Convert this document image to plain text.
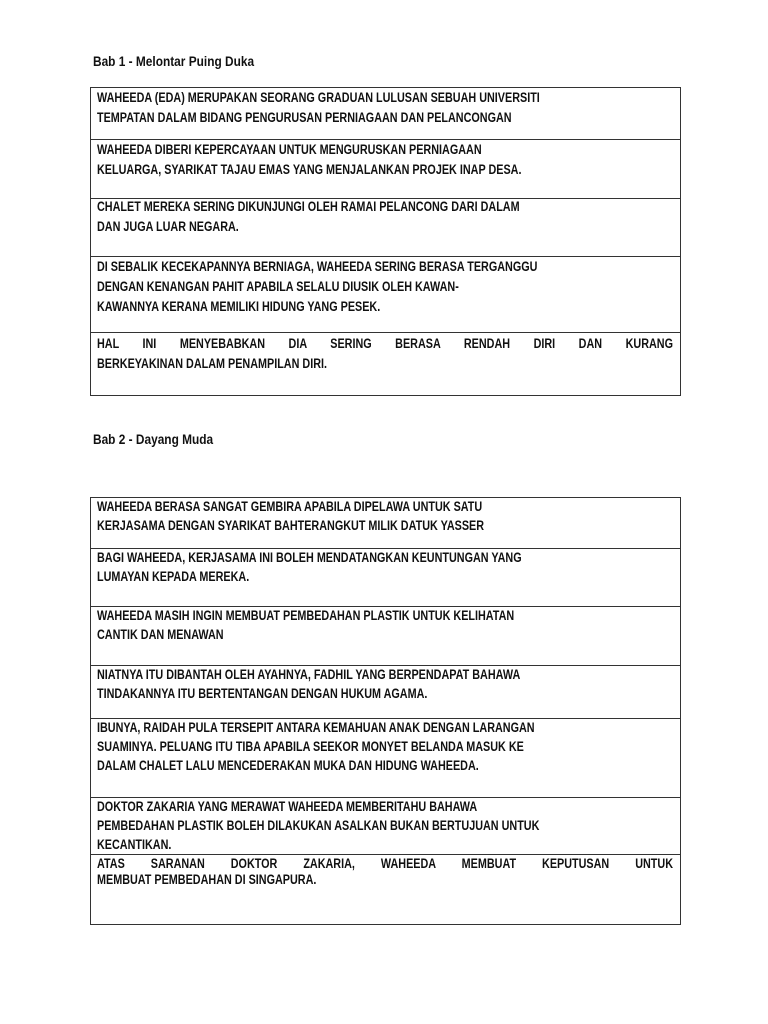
Bab 1 - Melontar Puing Duka
WAHEEDA (EDA) MERUPAKAN SEORANG GRADUAN LULUSAN SEBUAH UNIVERSITI
TEMPATAN DALAM BIDANG PENGURUSAN PERNIAGAAN DAN PELANCONGAN
WAHEEDA DIBERI KEPERCAYAAN UNTUK MENGURUSKAN PERNIAGAAN
KELUARGA, SYARIKAT TAJAU EMAS YANG MENJALANKAN PROJEK INAP DESA.
CHALET MEREKA SERING DIKUNJUNGI OLEH RAMAI PELANCONG DARI DALAM
DAN JUGA LUAR NEGARA.
DI SEBALIK KECEKAPANNYA BERNIAGA, WAHEEDA SERING BERASA TERGANGGU
DENGAN KENANGAN PAHIT APABILA SELALU DIUSIK OLEH KAWAN-
KAWANNYA KERANA MEMILIKI HIDUNG YANG PESEK.
HAL INI MENYEBABKAN DIA SERING BERASA RENDAH DIRI DAN KURANG
BERKEYAKINAN DALAM PENAMPILAN DIRI.
Bab 2 - Dayang Muda
WAHEEDA BERASA SANGAT GEMBIRA APABILA DIPELAWA UNTUK SATU
KERJASAMA DENGAN SYARIKAT BAHTERANGKUT MILIK DATUK YASSER
BAGI WAHEEDA, KERJASAMA INI BOLEH MENDATANGKAN KEUNTUNGAN YANG
LUMAYAN KEPADA MEREKA.
WAHEEDA MASIH INGIN MEMBUAT PEMBEDAHAN PLASTIK UNTUK KELIHATAN
CANTIK DAN MENAWAN
NIATNYA ITU DIBANTAH OLEH AYAHNYA, FADHIL YANG BERPENDAPAT BAHAWA
TINDAKANNYA ITU BERTENTANGAN DENGAN HUKUM AGAMA.
IBUNYA, RAIDAH PULA TERSEPIT ANTARA KEMAHUAN ANAK DENGAN LARANGAN
SUAMINYA. PELUANG ITU TIBA APABILA SEEKOR MONYET BELANDA MASUK KE
DALAM CHALET LALU MENCEDERAKAN MUKA DAN HIDUNG WAHEEDA.
DOKTOR ZAKARIA YANG MERAWAT WAHEEDA MEMBERITAHU BAHAWA
PEMBEDAHAN PLASTIK BOLEH DILAKUKAN ASALKAN BUKAN BERTUJUAN UNTUK
KECANTIKAN.
ATAS SARANAN DOKTOR ZAKARIA, WAHEEDA MEMBUAT KEPUTUSAN UNTUK
MEMBUAT PEMBEDAHAN DI SINGAPURA.
